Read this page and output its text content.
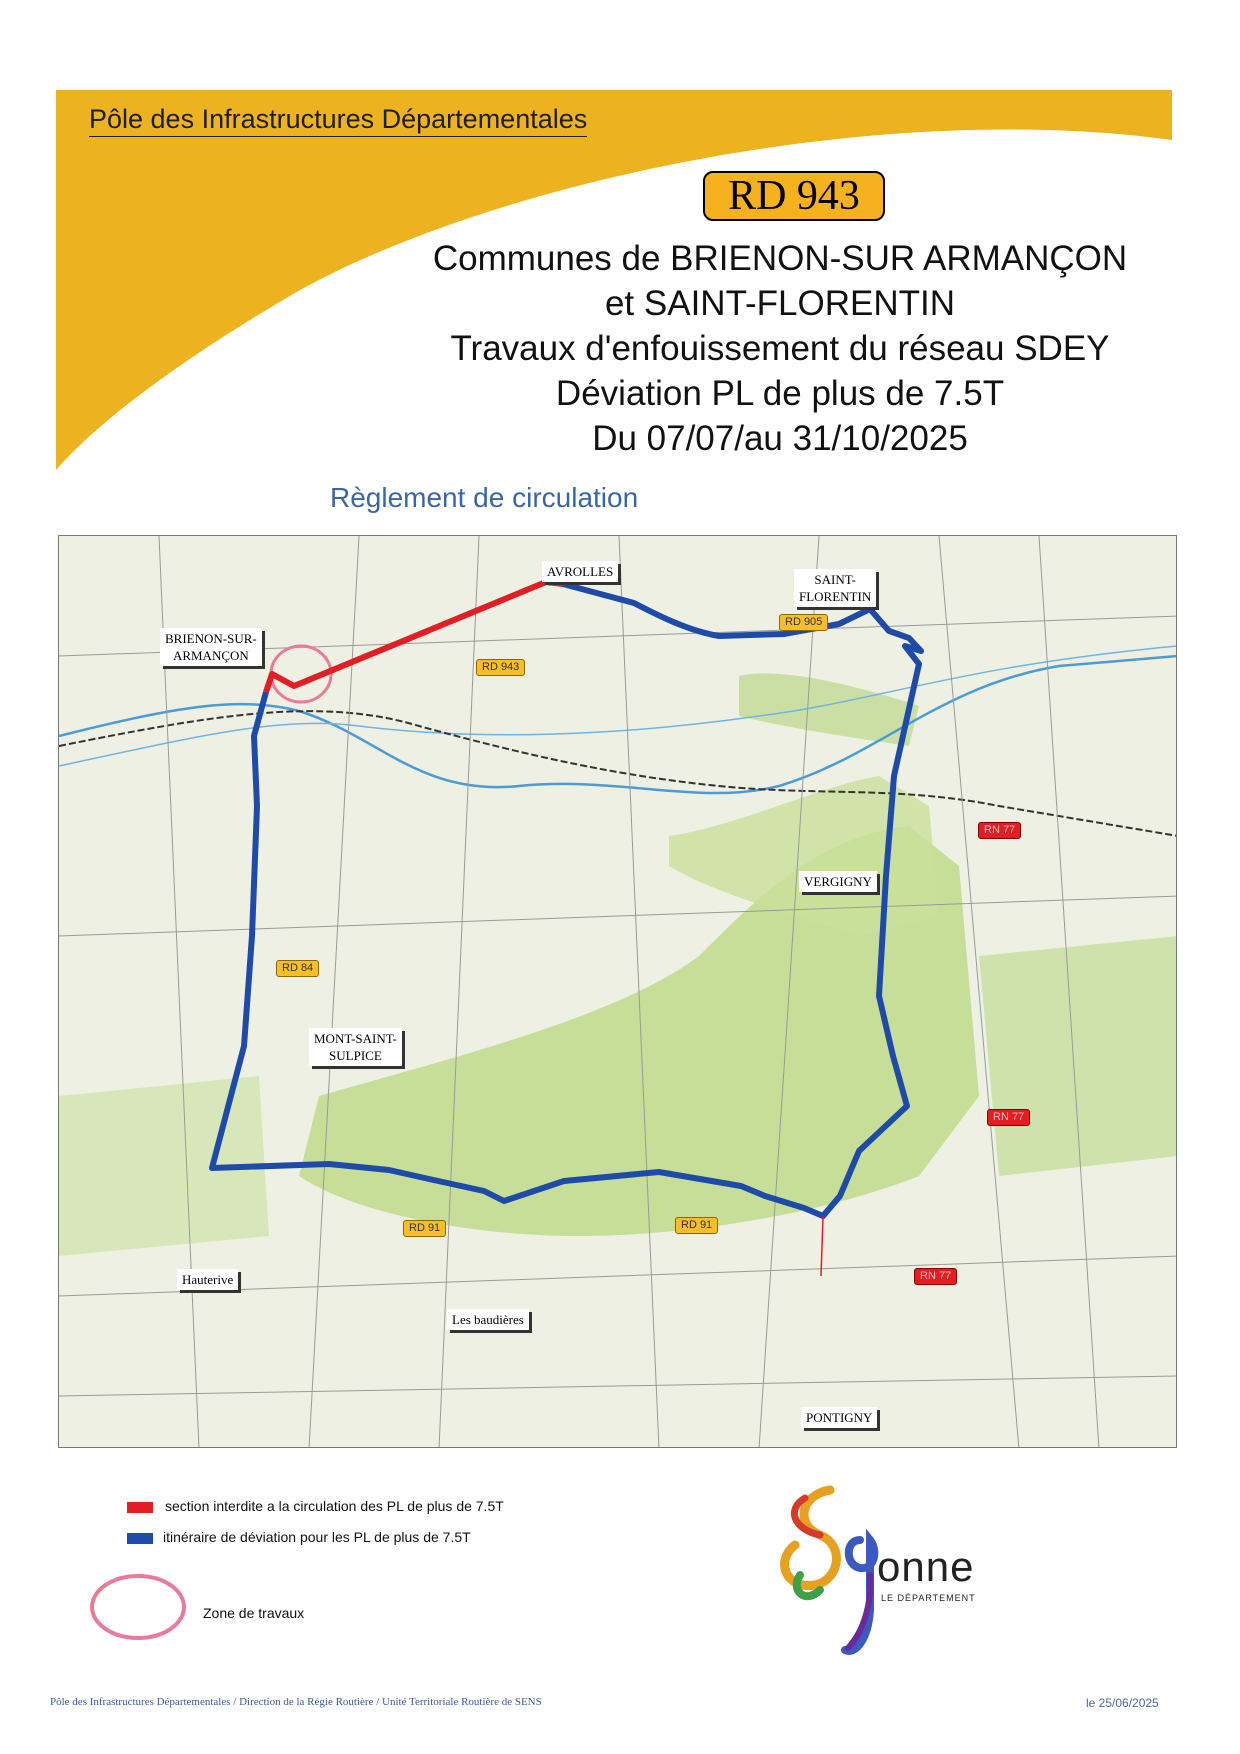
Pôle des Infrastructures Départementales
RD 943
Communes de BRIENON-SUR ARMANÇON
et SAINT-FLORENTIN
Travaux d'enfouissement du réseau SDEY
Déviation PL de plus de 7.5T
Du 07/07/au 31/10/2025
Règlement de circulation
BRIENON-SUR-
ARMANÇON
AVROLLES
SAINT-
FLORENTIN
VERGIGNY
MONT-SAINT-
SULPICE
Hauterive
Les baudières
PONTIGNY
RD 943
RD 905
RN 77
RD 84
RN 77
RD 91	RD 91
RN 77
section interdite a la circulation des PL de plus de 7.5T
itinéraire de déviation pour les PL de plus de 7.5T
Zone de travaux
onne
LE DÉPARTEMENT
Pôle des Infrastructures Départementales / Direction de la Régie Routière / Unité Territoriale Routière de SENS	le 25/06/2025
